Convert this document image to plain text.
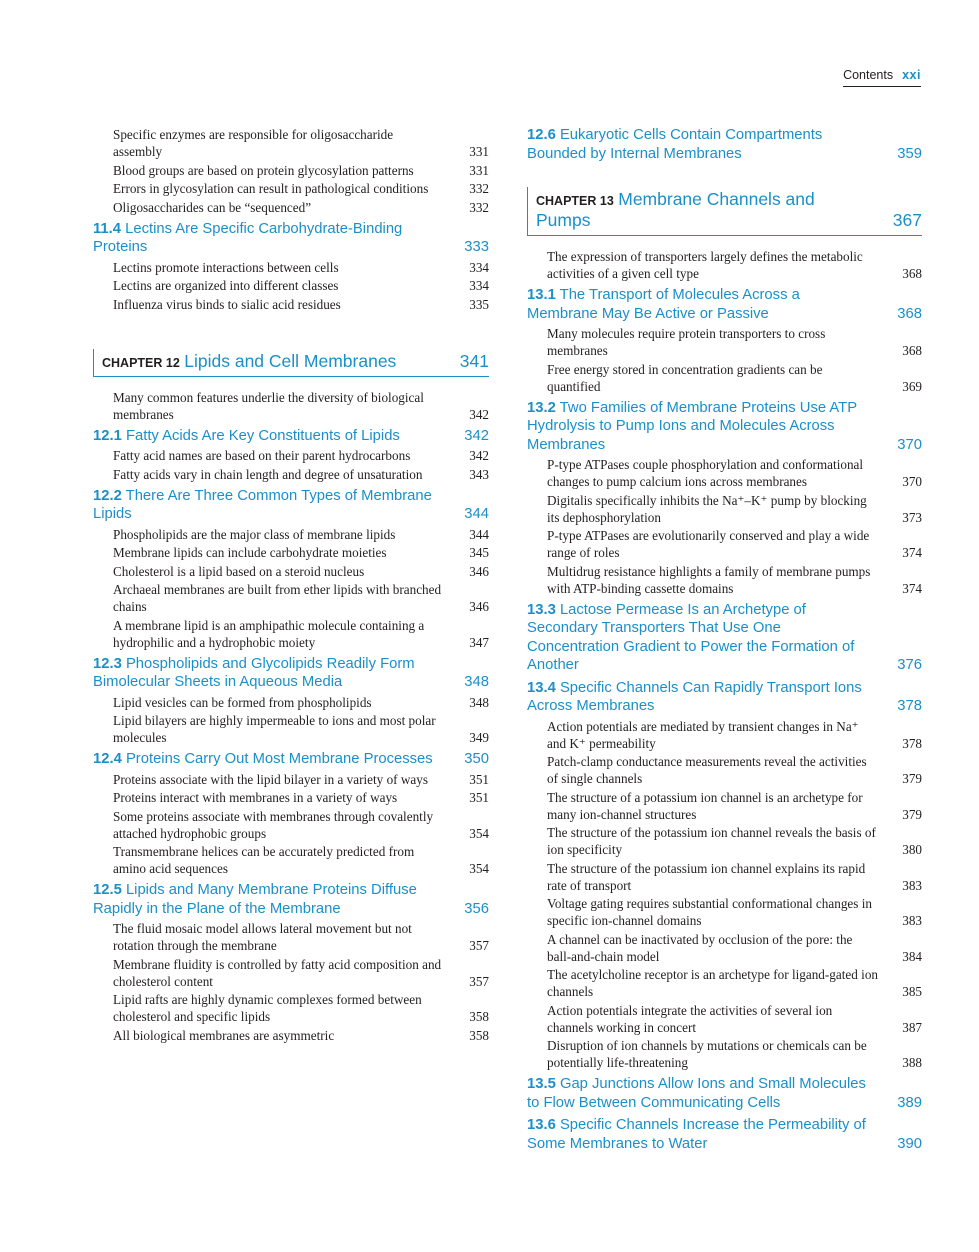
Contents xxi
Specific enzymes are responsible for oligosaccharide assembly	331
Blood groups are based on protein glycosylation patterns	331
Errors in glycosylation can result in pathological conditions	332
Oligosaccharides can be “sequenced”	332
11.4 Lectins Are Specific Carbohydrate-Binding Proteins	333
Lectins promote interactions between cells	334
Lectins are organized into different classes	334
Influenza virus binds to sialic acid residues	335
CHAPTER 12 Lipids and Cell Membranes	341
Many common features underlie the diversity of biological membranes	342
12.1 Fatty Acids Are Key Constituents of Lipids	342
Fatty acid names are based on their parent hydrocarbons	342
Fatty acids vary in chain length and degree of unsaturation	343
12.2 There Are Three Common Types of Membrane Lipids	344
Phospholipids are the major class of membrane lipids	344
Membrane lipids can include carbohydrate moieties	345
Cholesterol is a lipid based on a steroid nucleus	346
Archaeal membranes are built from ether lipids with branched chains	346
A membrane lipid is an amphipathic molecule containing a hydrophilic and a hydrophobic moiety	347
12.3 Phospholipids and Glycolipids Readily Form Bimolecular Sheets in Aqueous Media	348
Lipid vesicles can be formed from phospholipids	348
Lipid bilayers are highly impermeable to ions and most polar molecules	349
12.4 Proteins Carry Out Most Membrane Processes 350
Proteins associate with the lipid bilayer in a variety of ways	351
Proteins interact with membranes in a variety of ways	351
Some proteins associate with membranes through covalently attached hydrophobic groups	354
Transmembrane helices can be accurately predicted from amino acid sequences	354
12.5 Lipids and Many Membrane Proteins Diffuse Rapidly in the Plane of the Membrane	356
The fluid mosaic model allows lateral movement but not rotation through the membrane	357
Membrane fluidity is controlled by fatty acid composition and cholesterol content	357
Lipid rafts are highly dynamic complexes formed between cholesterol and specific lipids	358
All biological membranes are asymmetric	358
12.6 Eukaryotic Cells Contain Compartments Bounded by Internal Membranes	359
CHAPTER 13 Membrane Channels and Pumps	367
The expression of transporters largely defines the metabolic activities of a given cell type	368
13.1 The Transport of Molecules Across a Membrane May Be Active or Passive	368
Many molecules require protein transporters to cross membranes	368
Free energy stored in concentration gradients can be quantified	369
13.2 Two Families of Membrane Proteins Use ATP Hydrolysis to Pump Ions and Molecules Across Membranes	370
P-type ATPases couple phosphorylation and conformational changes to pump calcium ions across membranes	370
Digitalis specifically inhibits the Na⁺–K⁺ pump by blocking its dephosphorylation	373
P-type ATPases are evolutionarily conserved and play a wide range of roles	374
Multidrug resistance highlights a family of membrane pumps with ATP-binding cassette domains	374
13.3 Lactose Permease Is an Archetype of Secondary Transporters That Use One Concentration Gradient to Power the Formation of Another	376
13.4 Specific Channels Can Rapidly Transport Ions Across Membranes	378
Action potentials are mediated by transient changes in Na⁺ and K⁺ permeability	378
Patch-clamp conductance measurements reveal the activities of single channels	379
The structure of a potassium ion channel is an archetype for many ion-channel structures	379
The structure of the potassium ion channel reveals the basis of ion specificity	380
The structure of the potassium ion channel explains its rapid rate of transport	383
Voltage gating requires substantial conformational changes in specific ion-channel domains	383
A channel can be inactivated by occlusion of the pore: the ball-and-chain model	384
The acetylcholine receptor is an archetype for ligand-gated ion channels	385
Action potentials integrate the activities of several ion channels working in concert	387
Disruption of ion channels by mutations or chemicals can be potentially life-threatening	388
13.5 Gap Junctions Allow Ions and Small Molecules to Flow Between Communicating Cells	389
13.6 Specific Channels Increase the Permeability of Some Membranes to Water	390
